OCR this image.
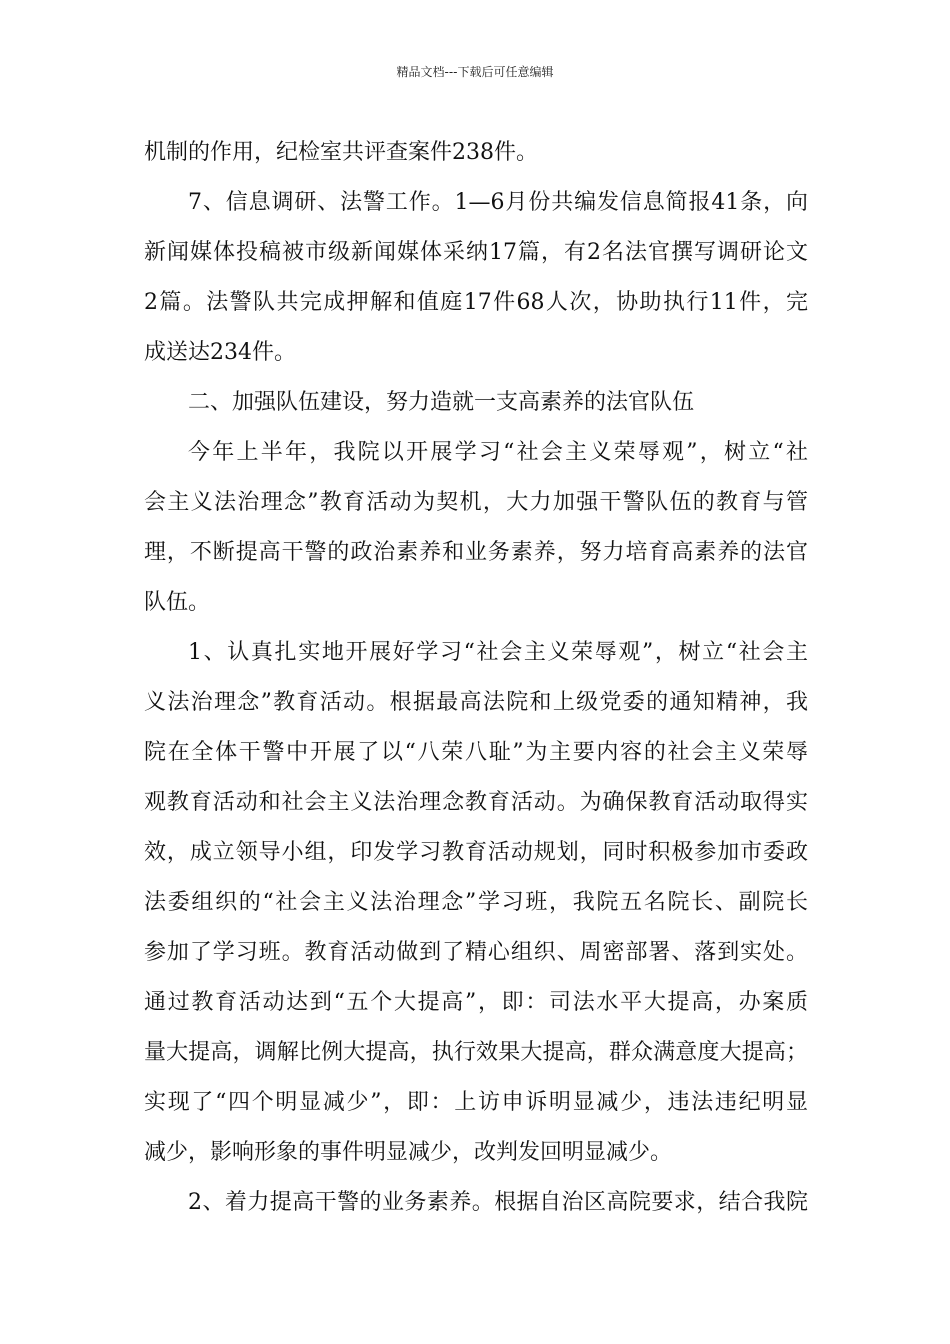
精品文档---下载后可任意编辑
机制的作用，纪检室共评查案件238件。
7、信息调研、法警工作。1—6月份共编发信息简报41条，向
新闻媒体投稿被市级新闻媒体采纳17篇，有2名法官撰写调研论文
2篇。法警队共完成押解和值庭17件68人次，协助执行11件，完
成送达234件。
二、加强队伍建设，努力造就一支高素养的法官队伍
今年上半年，我院以开展学习“社会主义荣辱观”，树立“社
会主义法治理念”教育活动为契机，大力加强干警队伍的教育与管
理，不断提高干警的政治素养和业务素养，努力培育高素养的法官
队伍。
1、认真扎实地开展好学习“社会主义荣辱观”，树立“社会主
义法治理念”教育活动。根据最高法院和上级党委的通知精神，我
院在全体干警中开展了以“八荣八耻”为主要内容的社会主义荣辱
观教育活动和社会主义法治理念教育活动。为确保教育活动取得实
效，成立领导小组，印发学习教育活动规划，同时积极参加市委政
法委组织的“社会主义法治理念”学习班，我院五名院长、副院长
参加了学习班。教育活动做到了精心组织、周密部署、落到实处。
通过教育活动达到“五个大提高”，即：司法水平大提高，办案质
量大提高，调解比例大提高，执行效果大提高，群众满意度大提高；
实现了“四个明显减少”，即：上访申诉明显减少，违法违纪明显
减少，影响形象的事件明显减少，改判发回明显减少。
2、着力提高干警的业务素养。根据自治区高院要求，结合我院
